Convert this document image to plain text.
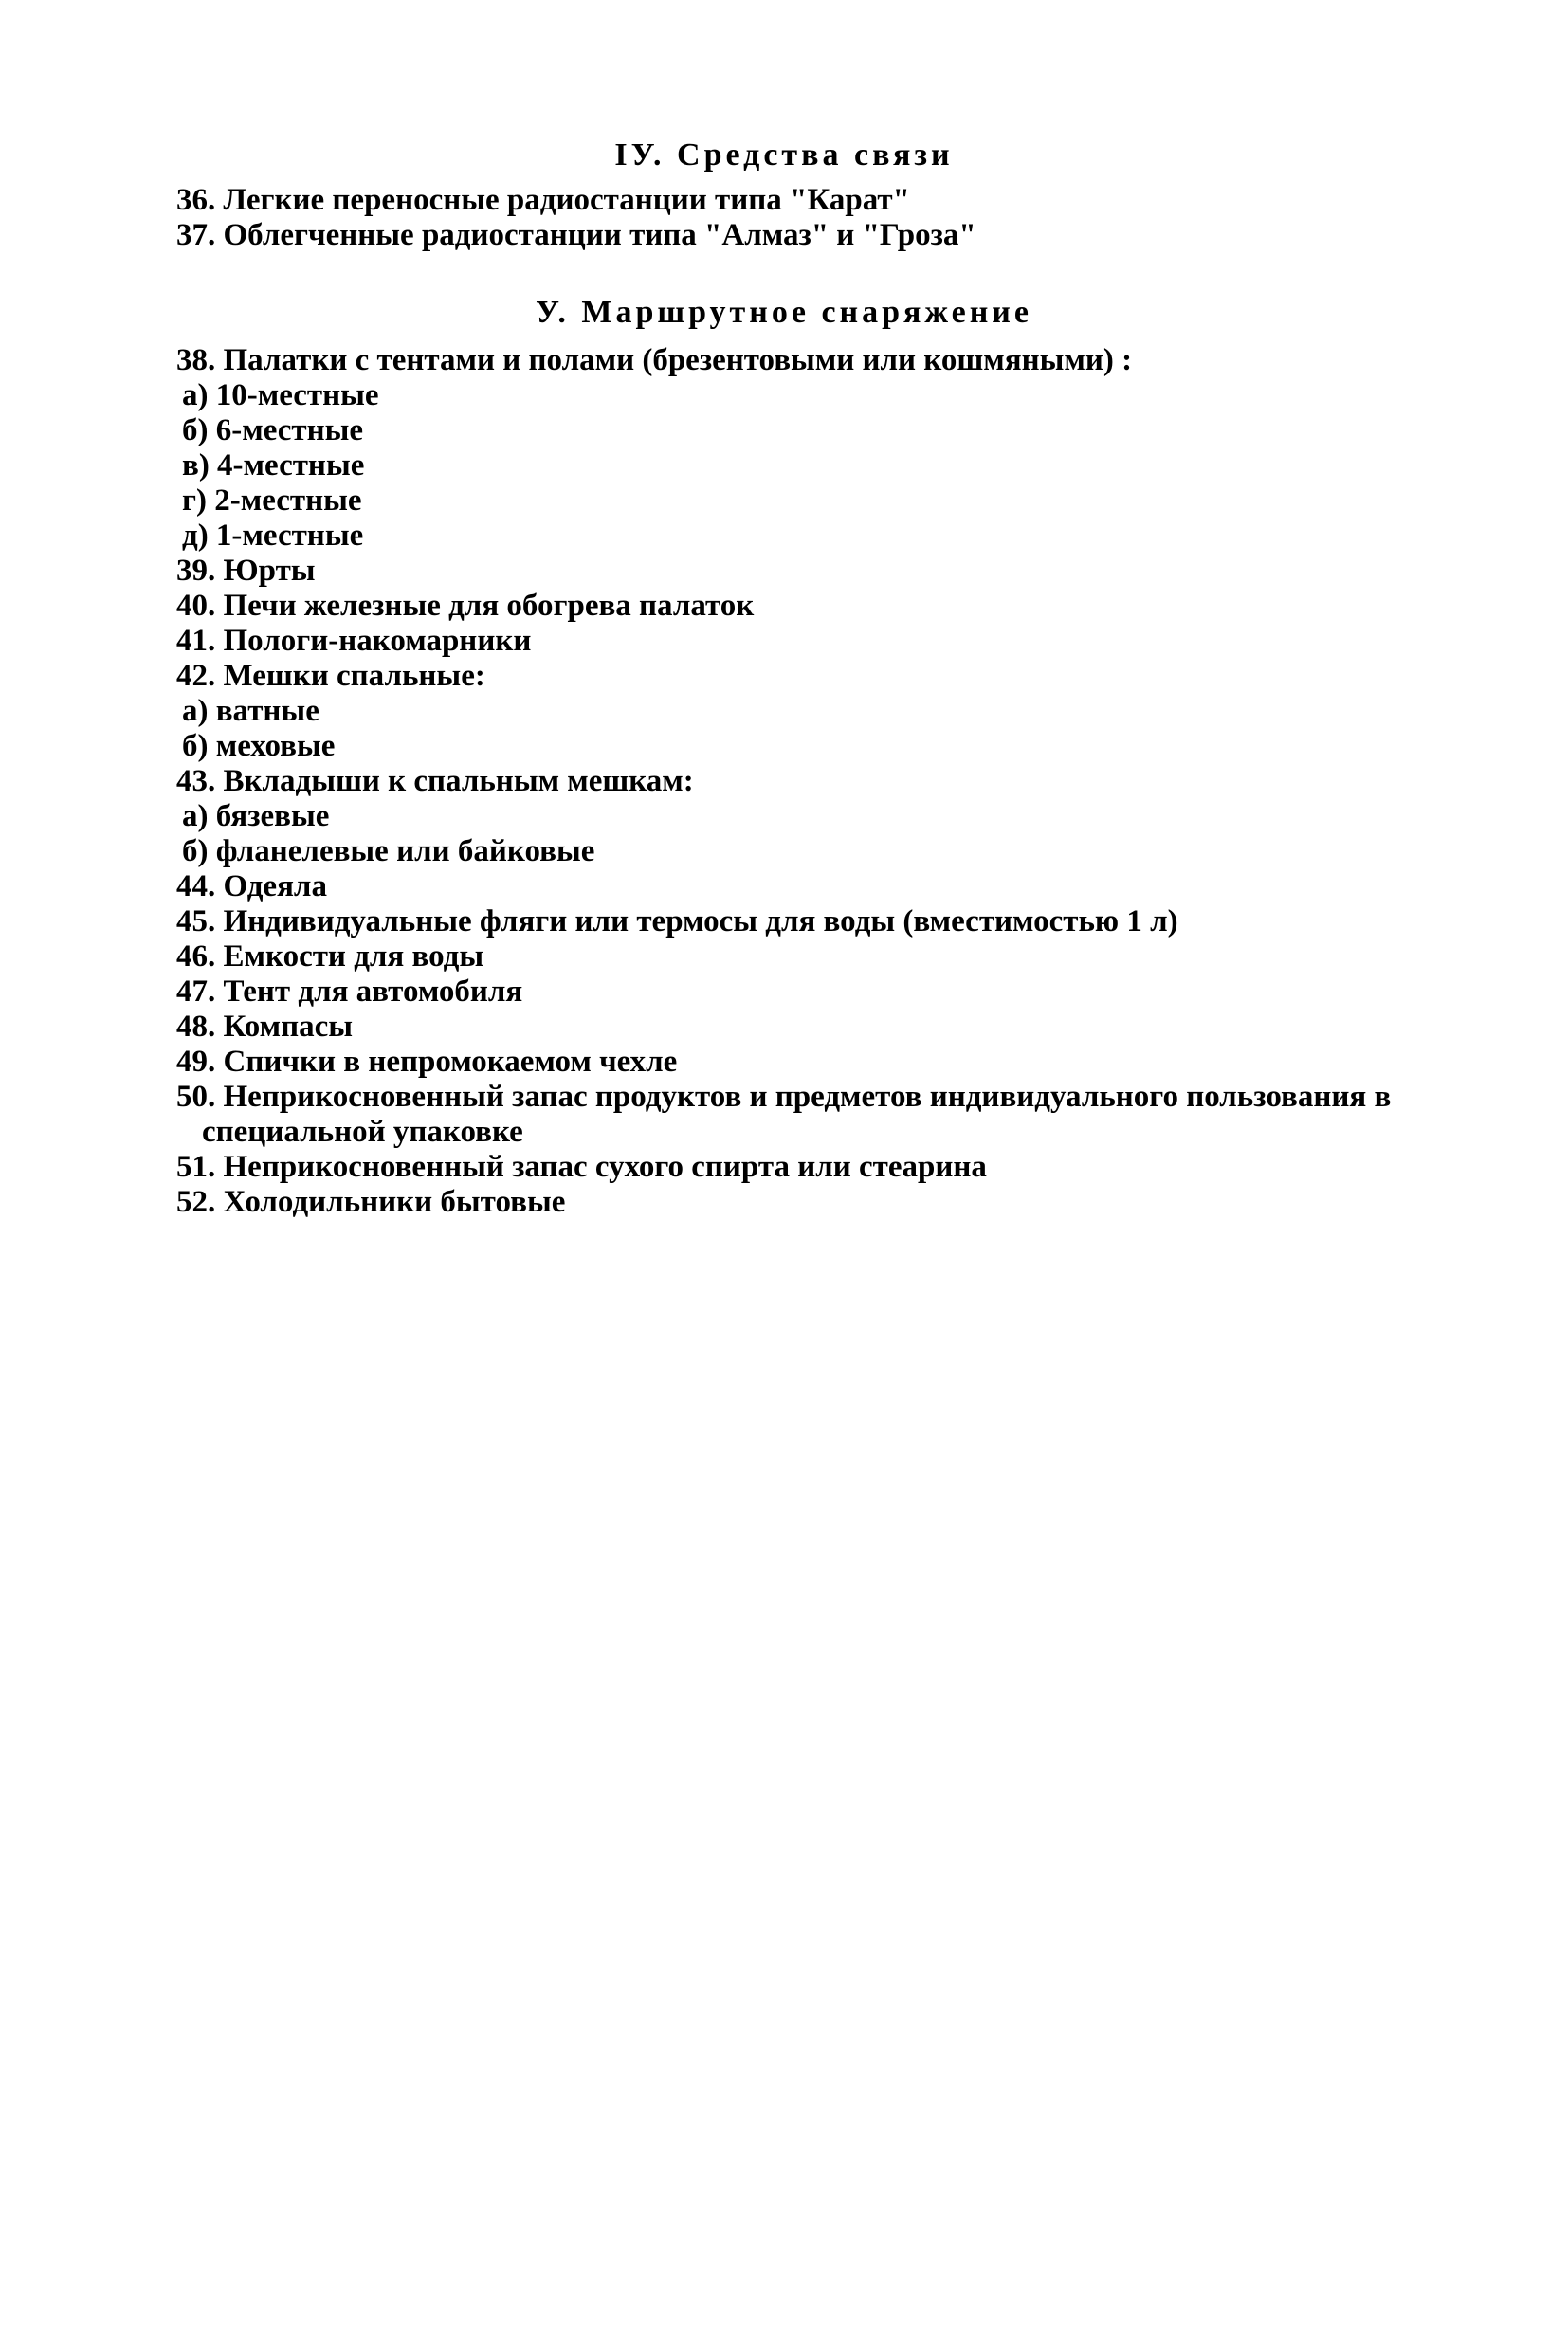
IУ. Средства связи
36. Легкие переносные радиостанции типа "Карат"
37. Облегченные радиостанции типа "Алмаз" и "Гроза"
У. Маршрутное снаряжение
38. Палатки с тентами и полами (брезентовыми или кошмяными) :
а) 10-местные
б) 6-местные
в) 4-местные
г) 2-местные
д) 1-местные
39. Юрты
40. Печи железные для обогрева палаток
41. Пологи-накомарники
42. Мешки спальные:
а) ватные
б) меховые
43. Вкладыши к спальным мешкам:
а) бязевые
б) фланелевые или байковые
44. Одеяла
45. Индивидуальные фляги или термосы для воды (вместимостью 1 л)
46. Емкости для воды
47. Тент для автомобиля
48. Компасы
49. Спички в непромокаемом чехле
50. Неприкосновенный запас продуктов и предметов индивидуального пользования в
специальной упаковке
51. Неприкосновенный запас сухого спирта или стеарина
52. Холодильники бытовые
